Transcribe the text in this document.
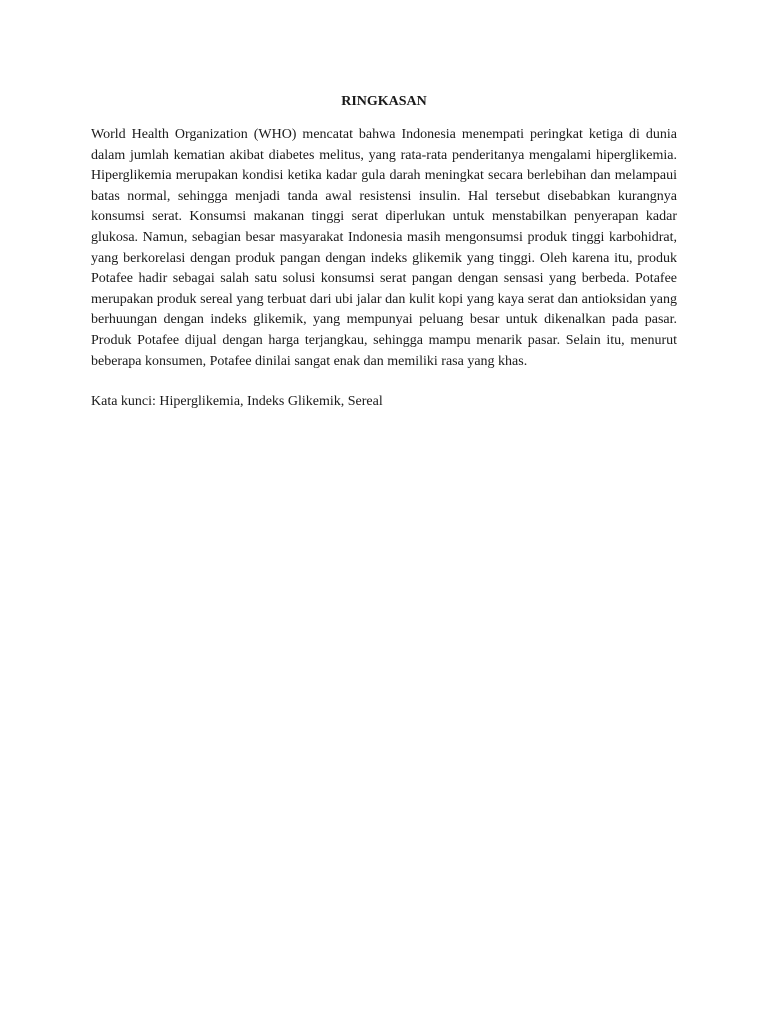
RINGKASAN

World Health Organization (WHO) mencatat bahwa Indonesia menempati peringkat ketiga di dunia dalam jumlah kematian akibat diabetes melitus, yang rata-rata penderitanya mengalami hiperglikemia. Hiperglikemia merupakan kondisi ketika kadar gula darah meningkat secara berlebihan dan melampaui batas normal, sehingga menjadi tanda awal resistensi insulin. Hal tersebut disebabkan kurangnya konsumsi serat. Konsumsi makanan tinggi serat diperlukan untuk menstabilkan penyerapan kadar glukosa. Namun, sebagian besar masyarakat Indonesia masih mengonsumsi produk tinggi karbohidrat, yang berkorelasi dengan produk pangan dengan indeks glikemik yang tinggi. Oleh karena itu, produk Potafee hadir sebagai salah satu solusi konsumsi serat pangan dengan sensasi yang berbeda. Potafee merupakan produk sereal yang terbuat dari ubi jalar dan kulit kopi yang kaya serat dan antioksidan yang berhuungan dengan indeks glikemik, yang mempunyai peluang besar untuk dikenalkan pada pasar. Produk Potafee dijual dengan harga terjangkau, sehingga mampu menarik pasar. Selain itu, menurut beberapa konsumen, Potafee dinilai sangat enak dan memiliki rasa yang khas.

Kata kunci: Hiperglikemia, Indeks Glikemik, Sereal
